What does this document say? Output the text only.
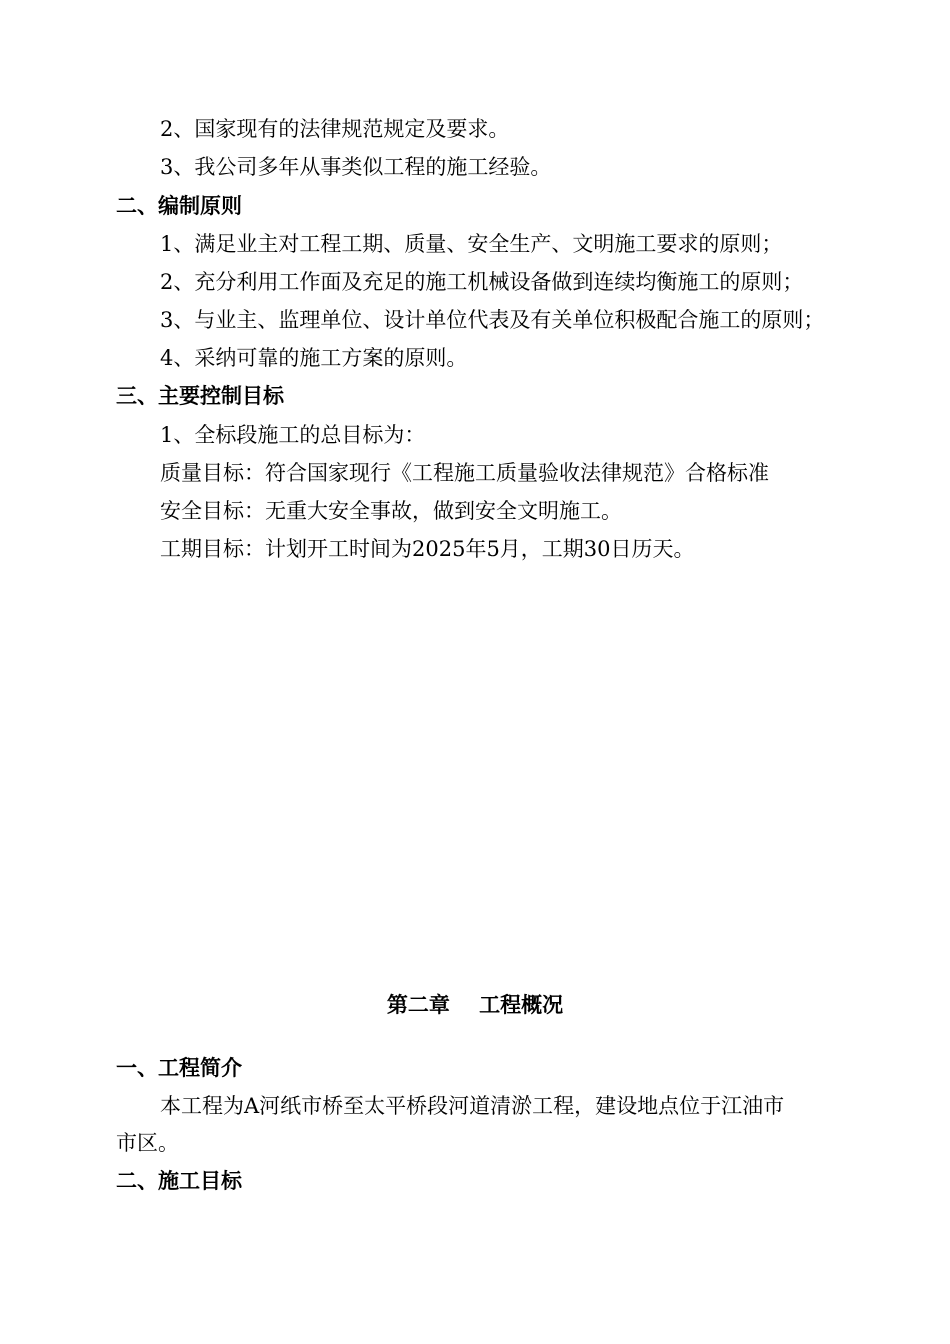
2、国家现有的法律规范规定及要求。
3、我公司多年从事类似工程的施工经验。
二、编制原则
1、满足业主对工程工期、质量、安全生产、文明施工要求的原则；
2、充分利用工作面及充足的施工机械设备做到连续均衡施工的原则；
3、与业主、监理单位、设计单位代表及有关单位积极配合施工的原则；
4、采纳可靠的施工方案的原则。
三、主要控制目标
1、全标段施工的总目标为：
质量目标：符合国家现行《工程施工质量验收法律规范》合格标准
安全目标：无重大安全事故，做到安全文明施工。
工期目标：计划开工时间为2025年5月，工期30日历天。
第二章    工程概况
一、工程简介
本工程为A河纸市桥至太平桥段河道清淤工程，建设地点位于江油市
市区。
二、施工目标
